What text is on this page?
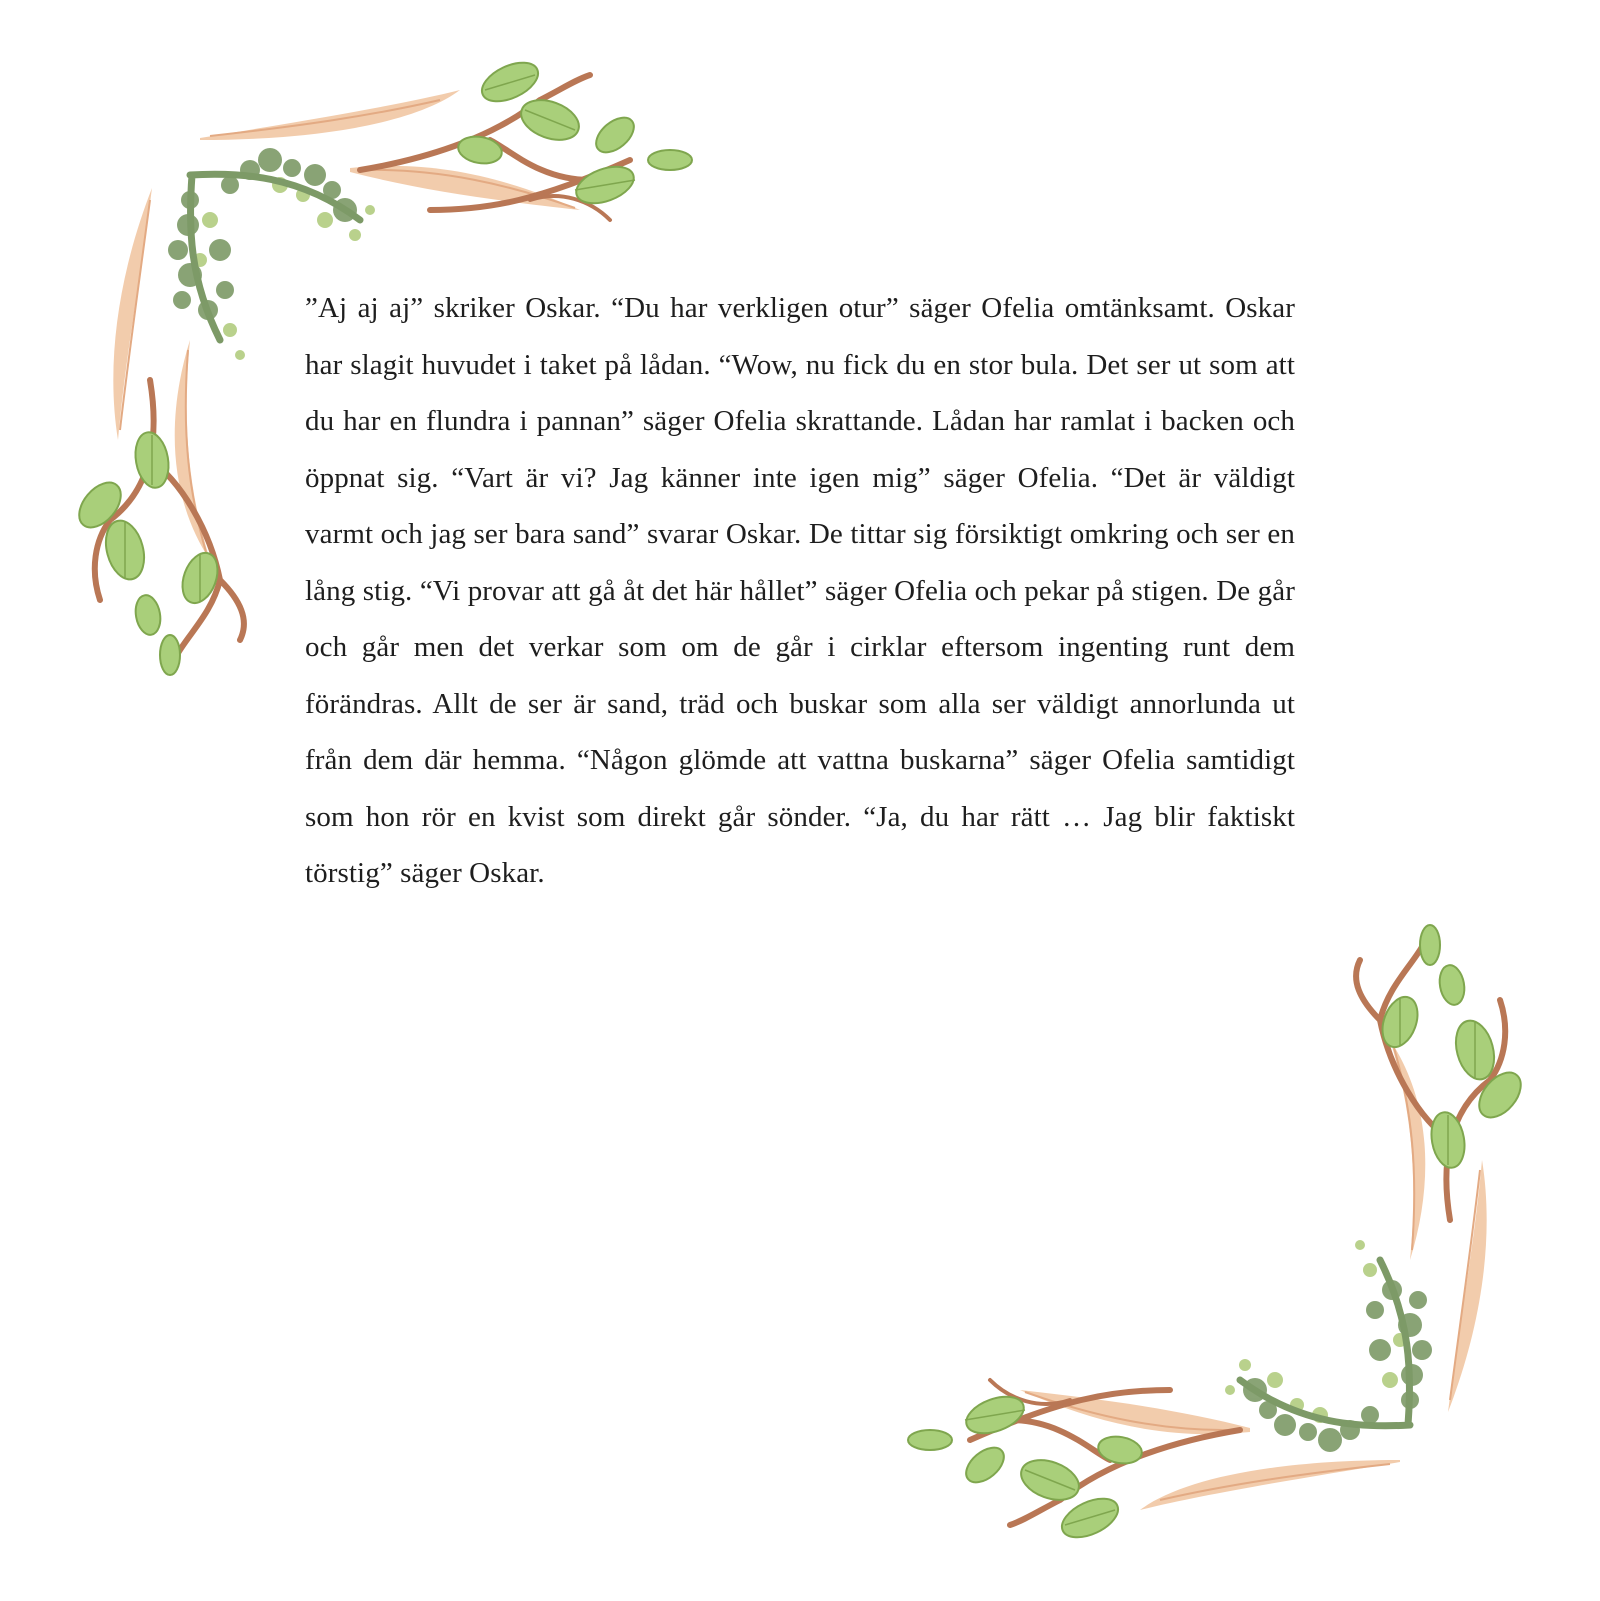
”Aj aj aj” skriker Oskar. “Du har verkligen otur” säger Ofelia omtänksamt. Oskar har slagit huvudet i taket på lådan. “Wow, nu fick du en stor bula. Det ser ut som att du har en flundra i pannan” säger Ofelia skrattande. Lådan har ramlat i backen och öppnat sig. “Vart är vi? Jag känner inte igen mig” säger Ofelia. “Det är väldigt varmt och jag ser bara sand” svarar Oskar. De tittar sig försiktigt omkring och ser en lång stig. “Vi provar att gå åt det här hållet” säger Ofelia och pekar på stigen. De går och går men det verkar som om de går i cirklar eftersom ingenting runt dem förändras. Allt de ser är sand, träd och buskar som alla ser väldigt annorlunda ut från dem där hemma. “Någon glömde att vattna buskarna” säger Ofelia samtidigt som hon rör en kvist som direkt går sönder. “Ja, du har rätt … Jag blir faktiskt törstig” säger Oskar.
